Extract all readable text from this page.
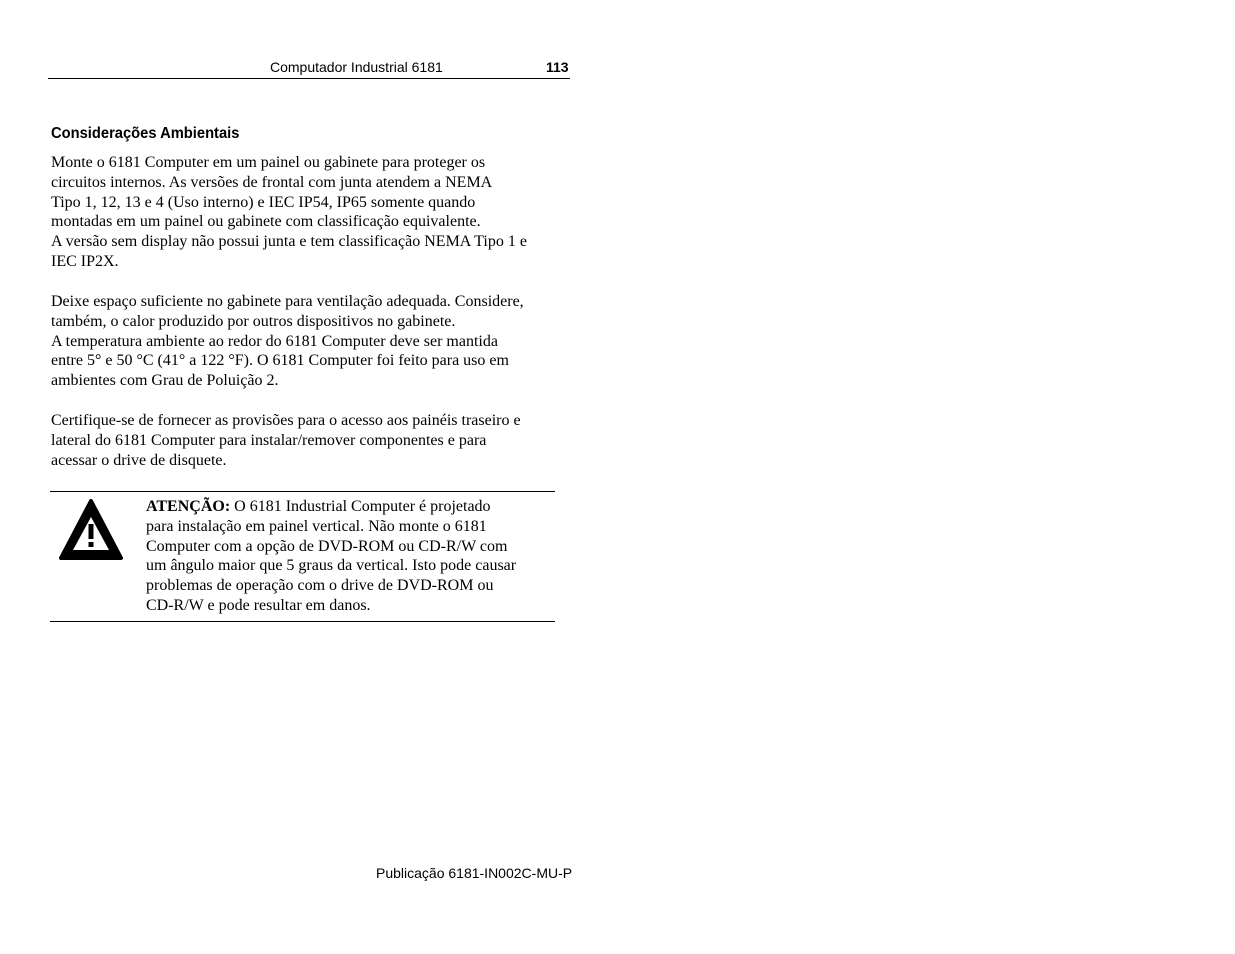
Computador Industrial 6181	113
Considerações Ambientais
Monte o 6181 Computer em um painel ou gabinete para proteger os
circuitos internos. As versões de frontal com junta atendem a NEMA
Tipo 1, 12, 13 e 4 (Uso interno) e IEC IP54, IP65 somente quando
montadas em um painel ou gabinete com classificação equivalente.
A versão sem display não possui junta e tem classificação NEMA Tipo 1 e
IEC IP2X.
Deixe espaço suficiente no gabinete para ventilação adequada. Considere,
também, o calor produzido por outros dispositivos no gabinete.
A temperatura ambiente ao redor do 6181 Computer deve ser mantida
entre 5° e 50 °C (41° a 122 °F). O 6181 Computer foi feito para uso em
ambientes com Grau de Poluição 2.
Certifique-se de fornecer as provisões para o acesso aos painéis traseiro e
lateral do 6181 Computer para instalar/remover componentes e para
acessar o drive de disquete.
ATENÇÃO: O 6181 Industrial Computer é projetado
para instalação em painel vertical. Não monte o 6181
Computer com a opção de DVD-ROM ou CD-R/W com
um ângulo maior que 5 graus da vertical. Isto pode causar
problemas de operação com o drive de DVD-ROM ou
CD-R/W e pode resultar em danos.
Publicação 6181-IN002C-MU-P
